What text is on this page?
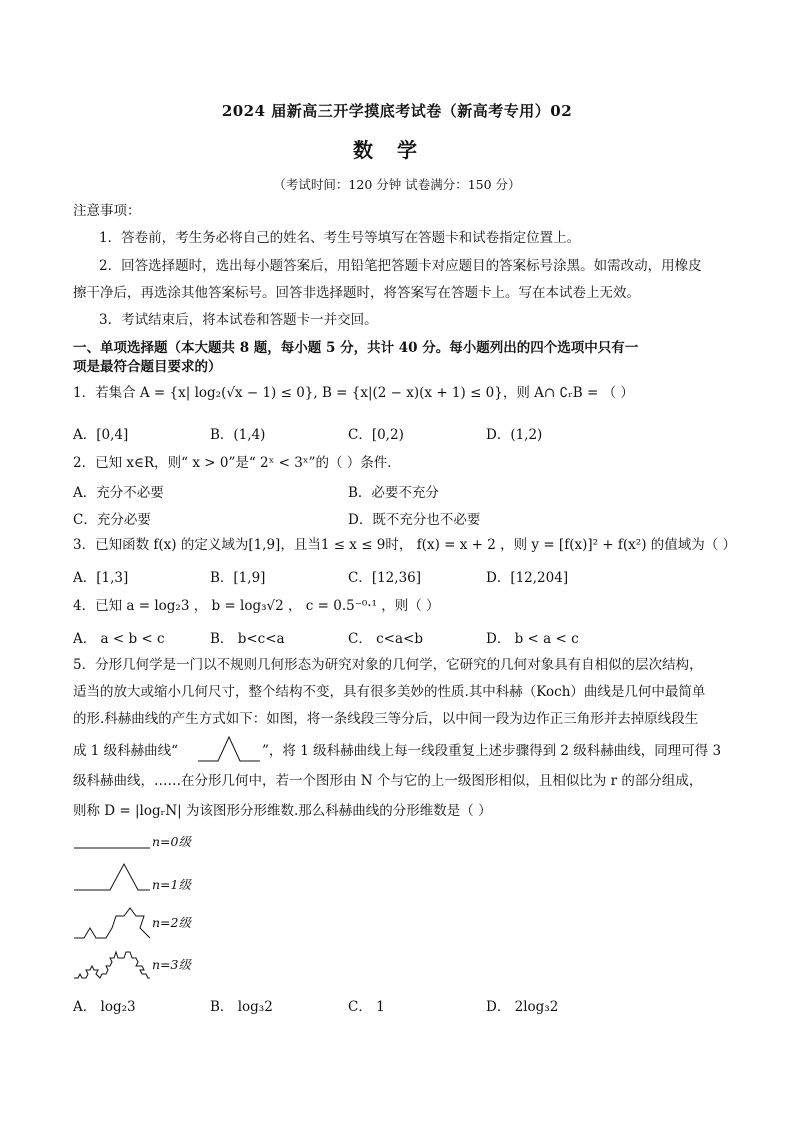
2024 届新高三开学摸底考试卷（新高考专用）02
数学
（考试时间：120 分钟 试卷满分：150 分）
注意事项：
1．答卷前，考生务必将自己的姓名、考生号等填写在答题卡和试卷指定位置上。
2．回答选择题时，选出每小题答案后，用铅笔把答题卡对应题目的答案标号涂黑。如需改动，用橡皮
擦干净后，再选涂其他答案标号。回答非选择题时，将答案写在答题卡上。写在本试卷上无效。
3．考试结束后，将本试卷和答题卡一并交回。
一、单项选择题（本大题共 8 题，每小题 5 分，共计 40 分。每小题列出的四个选项中只有一
项是最符合题目要求的）
1．若集合 A = {x| log₂(√x − 1) ≤ 0}, B = {x|(2 − x)(x + 1) ≤ 0}，则 A∩ ∁ᵣB = （ ）
A．[0,4]	B．(1,4)	C．[0,2)	D．(1,2)
2．已知 x∈R，则“ x > 0”是“ 2ˣ < 3ˣ”的（ ）条件．
A．充分不必要	B．必要不充分
C．充分必要	D．既不充分也不必要
3．已知函数 f(x) 的定义域为[1,9]，且当1 ≤ x ≤ 9时， f(x) = x + 2 ，则 y = [f(x)]² + f(x²) 的值域为（ ）
A．[1,3]	B．[1,9]	C．[12,36]	D．[12,204]
4．已知 a = log₂3 ， b = log₃√2 ， c = 0.5⁻⁰·¹ ，则（ ）
A． a < b < c	B． b<c<a	C． c<a<b	D． b < a < c
5．分形几何学是一门以不规则几何形态为研究对象的几何学，它研究的几何对象具有自相似的层次结构，
适当的放大或缩小几何尺寸，整个结构不变，具有很多美妙的性质.其中科赫（Koch）曲线是几何中最简单
的形.科赫曲线的产生方式如下：如图，将一条线段三等分后，以中间一段为边作正三角形并去掉原线段生
成 1 级科赫曲线“	”，将 1 级科赫曲线上每一线段重复上述步骤得到 2 级科赫曲线，同理可得 3
级科赫曲线，……在分形几何中，若一个图形由 N 个与它的上一级图形相似，且相似比为 r 的部分组成，
则称 D = |logᵣN| 为该图形分形维数.那么科赫曲线的分形维数是（ ）
n=0级
n=1级
n=2级
n=3级
A． log₂3	B． log₃2	C． 1	D． 2log₃2
